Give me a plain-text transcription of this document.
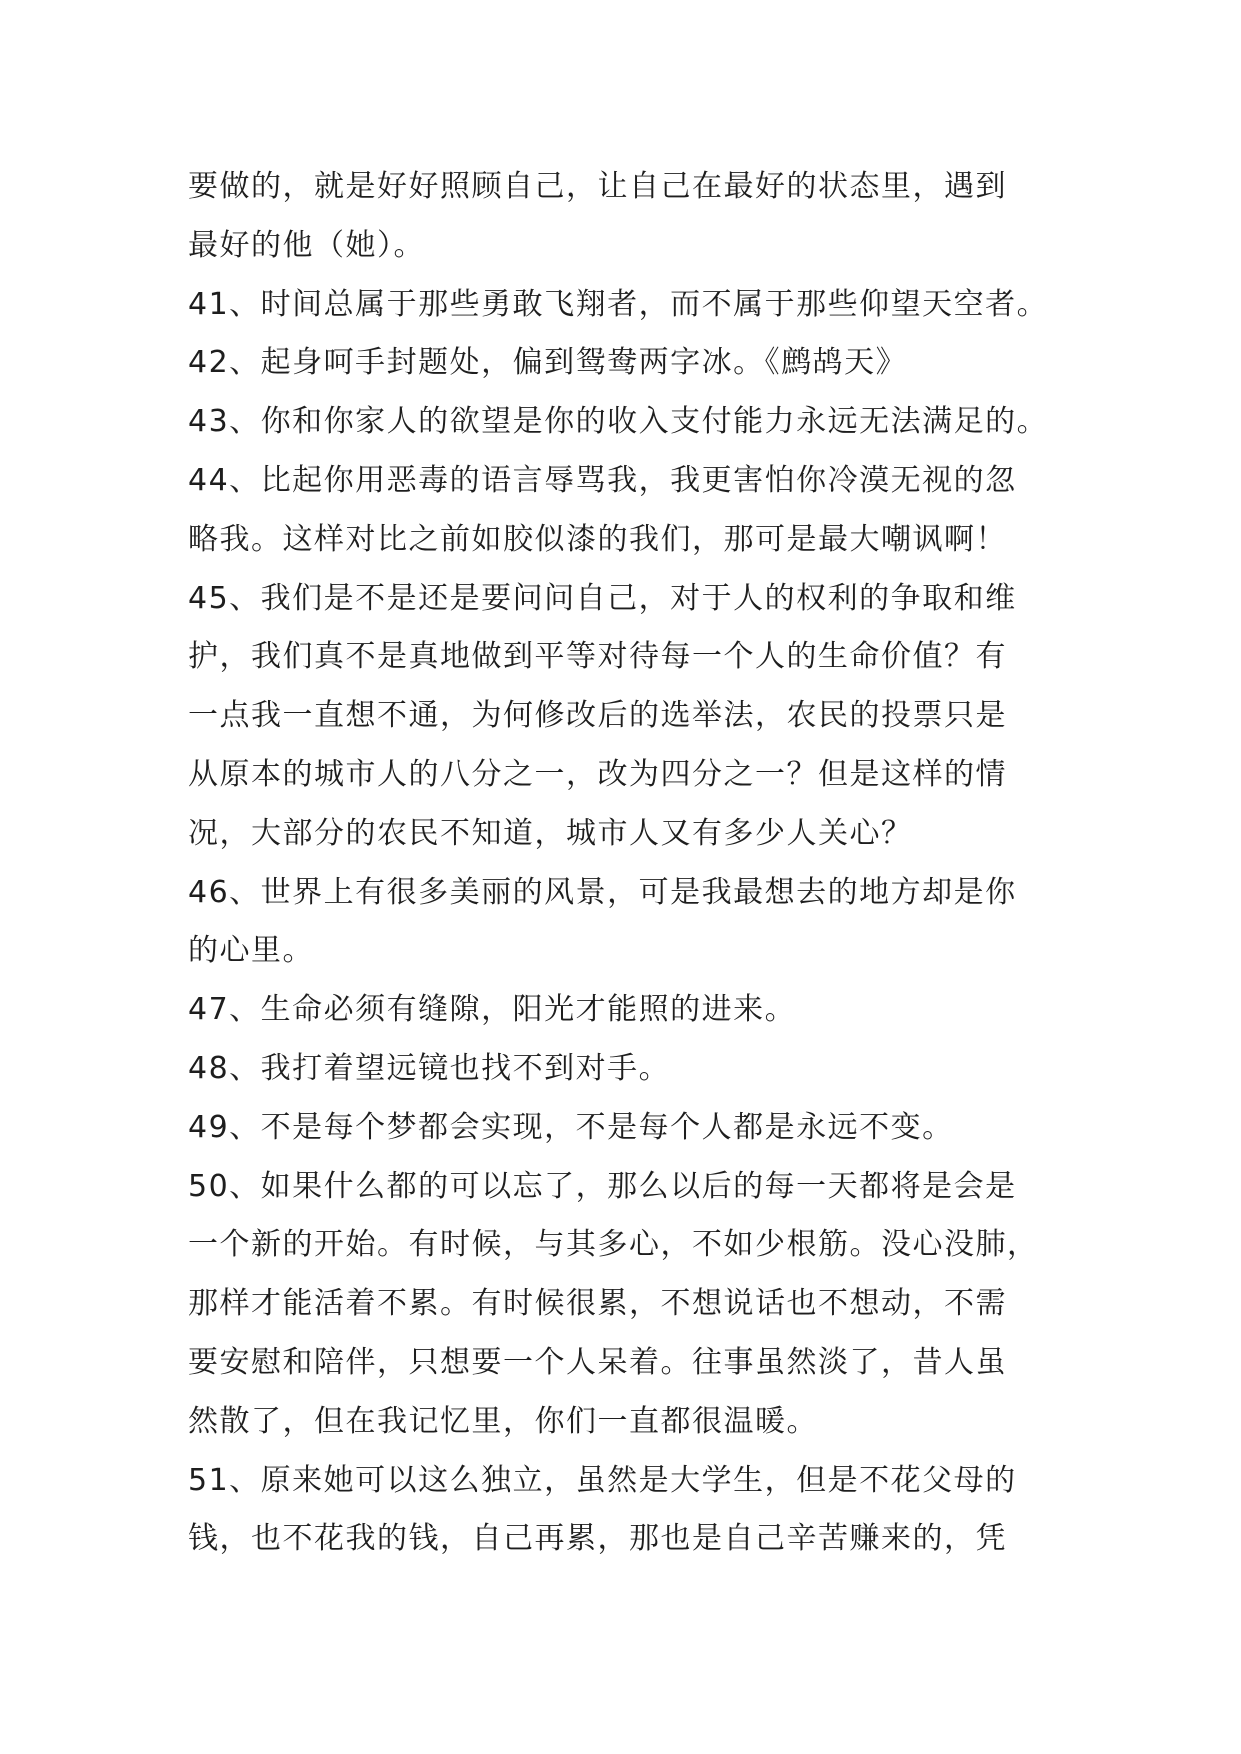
要做的，就是好好照顾自己，让自己在最好的状态里，遇到
最好的他（她）。
41、时间总属于那些勇敢飞翔者，而不属于那些仰望天空者。
42、起身呵手封题处，偏到鸳鸯两字冰。《鹧鸪天》
43、你和你家人的欲望是你的收入支付能力永远无法满足的。
44、比起你用恶毒的语言辱骂我，我更害怕你冷漠无视的忽
略我。这样对比之前如胶似漆的我们，那可是最大嘲讽啊！
45、我们是不是还是要问问自己，对于人的权利的争取和维
护，我们真不是真地做到平等对待每一个人的生命价值？有
一点我一直想不通，为何修改后的选举法，农民的投票只是
从原本的城市人的八分之一，改为四分之一？但是这样的情
况，大部分的农民不知道，城市人又有多少人关心？
46、世界上有很多美丽的风景，可是我最想去的地方却是你
的心里。
47、生命必须有缝隙，阳光才能照的进来。
48、我打着望远镜也找不到对手。
49、不是每个梦都会实现，不是每个人都是永远不变。
50、如果什么都的可以忘了，那么以后的每一天都将是会是
一个新的开始。有时候，与其多心，不如少根筋。没心没肺，
那样才能活着不累。有时候很累，不想说话也不想动，不需
要安慰和陪伴，只想要一个人呆着。往事虽然淡了，昔人虽
然散了，但在我记忆里，你们一直都很温暖。
51、原来她可以这么独立，虽然是大学生，但是不花父母的
钱，也不花我的钱，自己再累，那也是自己辛苦赚来的，凭
